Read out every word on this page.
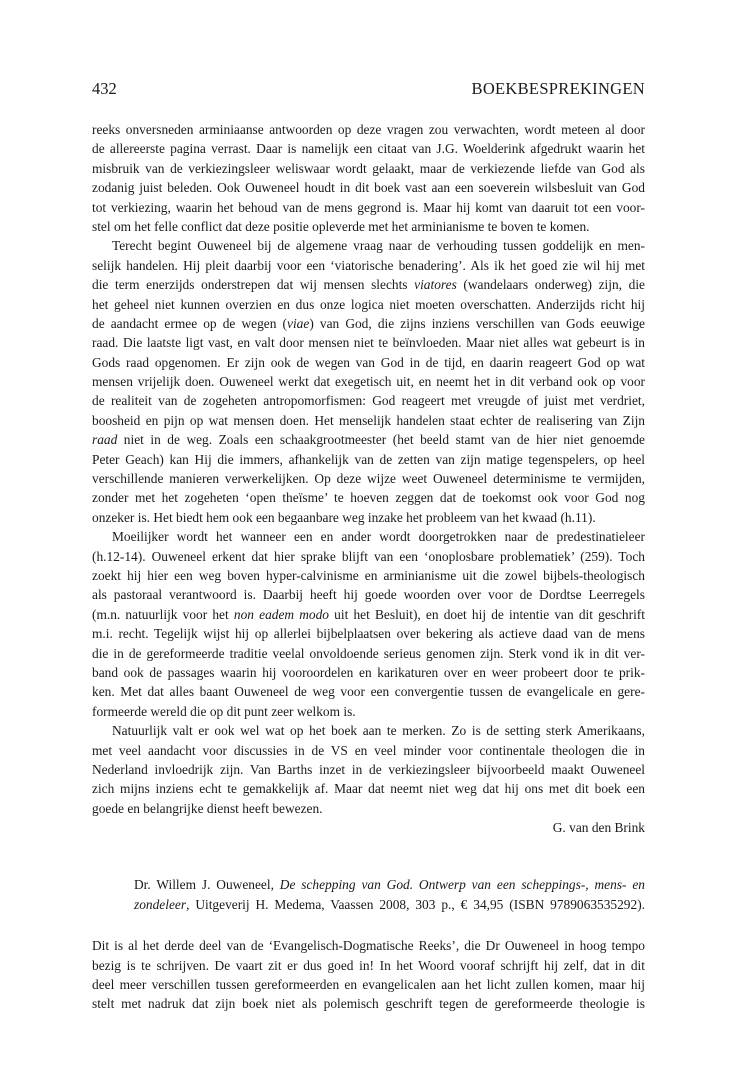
432	BOEKBESPREKINGEN
reeks onversneden arminiaanse antwoorden op deze vragen zou verwachten, wordt meteen al door
de allereerste pagina verrast. Daar is namelijk een citaat van J.G. Woelderink afgedrukt waarin het
misbruik van de verkiezingsleer weliswaar wordt gelaakt, maar de verkiezende liefde van God als
zodanig juist beleden. Ook Ouweneel houdt in dit boek vast aan een soeverein wilsbesluit van God
tot verkiezing, waarin het behoud van de mens gegrond is. Maar hij komt van daaruit tot een voor-
stel om het felle conflict dat deze positie opleverde met het arminianisme te boven te komen.
Terecht begint Ouweneel bij de algemene vraag naar de verhouding tussen goddelijk en men-
selijk handelen. Hij pleit daarbij voor een ‘viatorische benadering’. Als ik het goed zie wil hij met
die term enerzijds onderstrepen dat wij mensen slechts viatores (wandelaars onderweg) zijn, die
het geheel niet kunnen overzien en dus onze logica niet moeten overschatten. Anderzijds richt hij
de aandacht ermee op de wegen (viae) van God, die zijns inziens verschillen van Gods eeuwige
raad. Die laatste ligt vast, en valt door mensen niet te beïnvloeden. Maar niet alles wat gebeurt is in
Gods raad opgenomen. Er zijn ook de wegen van God in de tijd, en daarin reageert God op wat
mensen vrijelijk doen. Ouweneel werkt dat exegetisch uit, en neemt het in dit verband ook op voor
de realiteit van de zogeheten antropomorfismen: God reageert met vreugde of juist met verdriet,
boosheid en pijn op wat mensen doen. Het menselijk handelen staat echter de realisering van Zijn
raad niet in de weg. Zoals een schaakgrootmeester (het beeld stamt van de hier niet genoemde
Peter Geach) kan Hij die immers, afhankelijk van de zetten van zijn matige tegenspelers, op heel
verschillende manieren verwerkelijken. Op deze wijze weet Ouweneel determinisme te vermijden,
zonder met het zogeheten ‘open theïsme’ te hoeven zeggen dat de toekomst ook voor God nog
onzeker is. Het biedt hem ook een begaanbare weg inzake het probleem van het kwaad (h.11).
Moeilijker wordt het wanneer een en ander wordt doorgetrokken naar de predestinatieleer
(h.12-14). Ouweneel erkent dat hier sprake blijft van een ‘onoplosbare problematiek’ (259). Toch
zoekt hij hier een weg boven hyper-calvinisme en arminianisme uit die zowel bijbels-theologisch
als pastoraal verantwoord is. Daarbij heeft hij goede woorden over voor de Dordtse Leerregels
(m.n. natuurlijk voor het non eadem modo uit het Besluit), en doet hij de intentie van dit geschrift
m.i. recht. Tegelijk wijst hij op allerlei bijbelplaatsen over bekering als actieve daad van de mens
die in de gereformeerde traditie veelal onvoldoende serieus genomen zijn. Sterk vond ik in dit ver-
band ook de passages waarin hij vooroordelen en karikaturen over en weer probeert door te prik-
ken. Met dat alles baant Ouweneel de weg voor een convergentie tussen de evangelicale en gere-
formeerde wereld die op dit punt zeer welkom is.
Natuurlijk valt er ook wel wat op het boek aan te merken. Zo is de setting sterk Amerikaans,
met veel aandacht voor discussies in de VS en veel minder voor continentale theologen die in
Nederland invloedrijk zijn. Van Barths inzet in de verkiezingsleer bijvoorbeeld maakt Ouweneel
zich mijns inziens echt te gemakkelijk af. Maar dat neemt niet weg dat hij ons met dit boek een
goede en belangrijke dienst heeft bewezen.
G. van den Brink
Dr. Willem J. Ouweneel, De schepping van God. Ontwerp van een scheppings-, mens- en
zondeleer, Uitgeverij H. Medema, Vaassen 2008, 303 p., € 34,95 (ISBN 9789063535292).
Dit is al het derde deel van de ‘Evangelisch-Dogmatische Reeks’, die Dr Ouweneel in hoog tempo
bezig is te schrijven. De vaart zit er dus goed in! In het Woord vooraf schrijft hij zelf, dat in dit
deel meer verschillen tussen gereformeerden en evangelicalen aan het licht zullen komen, maar hij
stelt met nadruk dat zijn boek niet als polemisch geschrift tegen de gereformeerde theologie is
